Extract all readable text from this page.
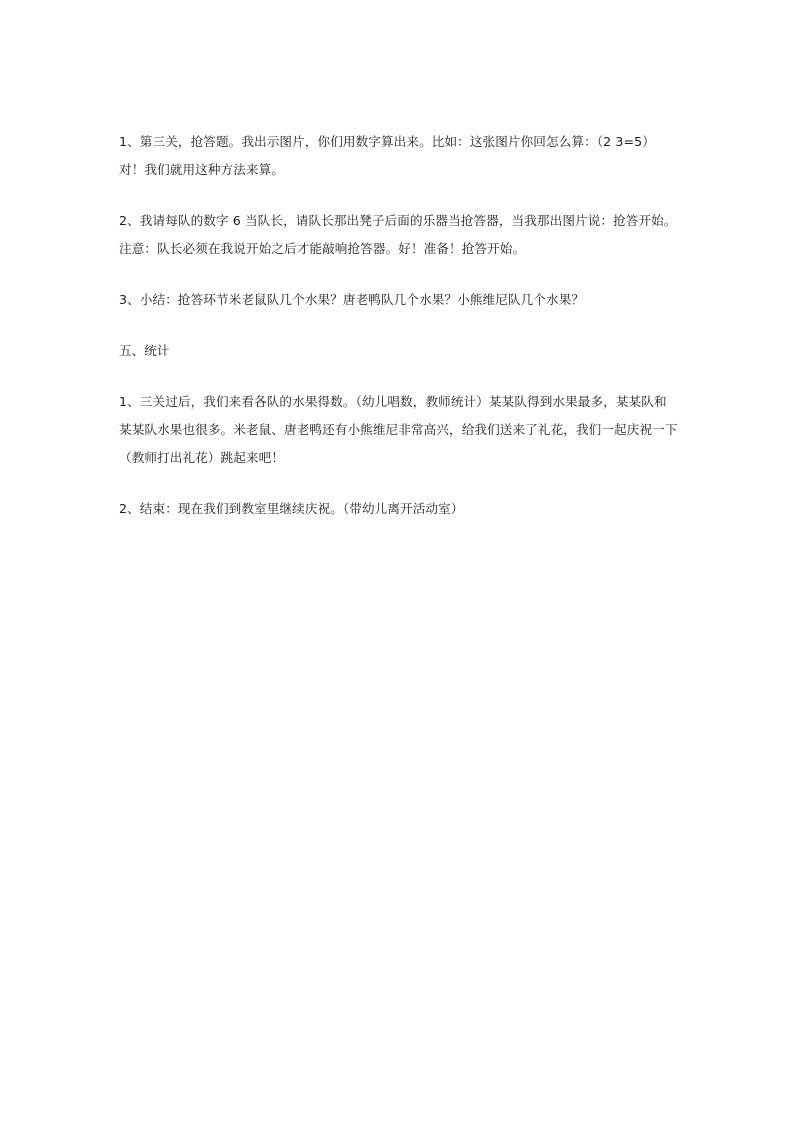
1、第三关，抢答题。我出示图片，你们用数字算出来。比如：这张图片你回怎么算：（2 3=5）对！我们就用这种方法来算。

2、我请每队的数字 6 当队长，请队长那出凳子后面的乐器当抢答器，当我那出图片说：抢答开始。注意：队长必须在我说开始之后才能敲响抢答器。好！准备！抢答开始。

3、小结：抢答环节米老鼠队几个水果？唐老鸭队几个水果？小熊维尼队几个水果？

五、统计

1、三关过后，我们来看各队的水果得数。（幼儿唱数，教师统计）某某队得到水果最多，某某队和某某队水果也很多。米老鼠、唐老鸭还有小熊维尼非常高兴，给我们送来了礼花，我们一起庆祝一下（教师打出礼花）跳起来吧！

2、结束：现在我们到教室里继续庆祝。（带幼儿离开活动室）
